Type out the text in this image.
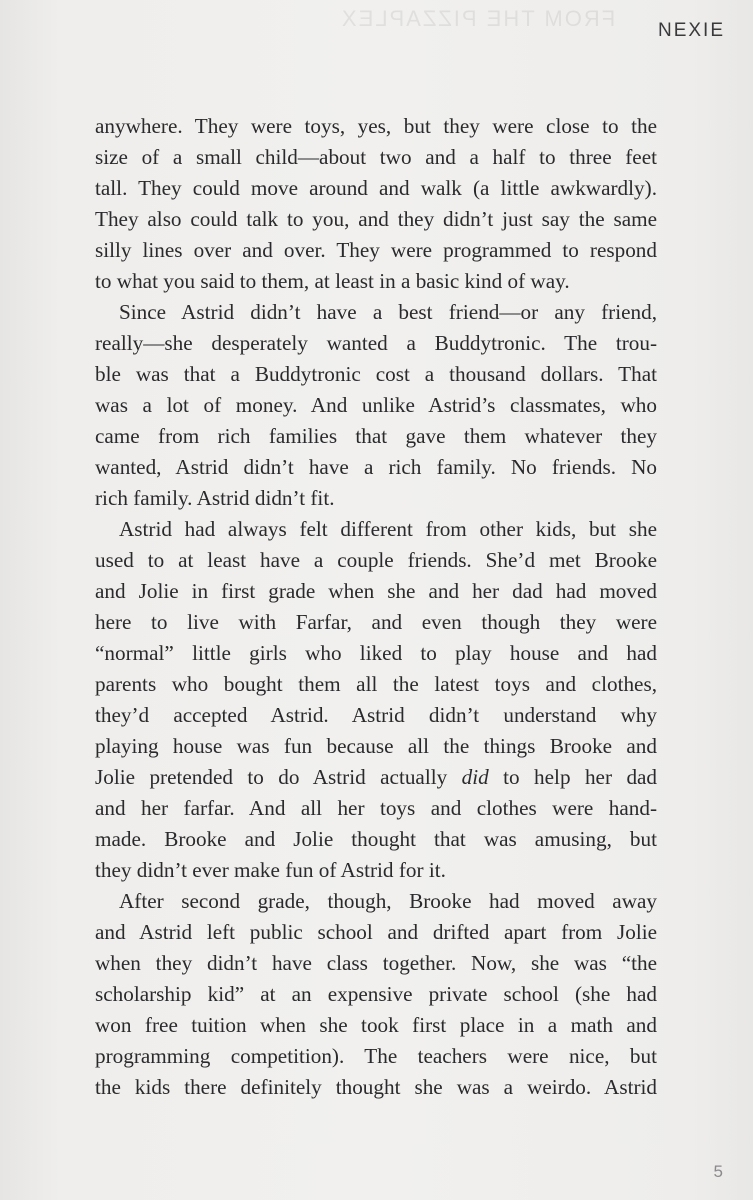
FROM THE PIZZAPLEX NEXIE
anywhere. They were toys, yes, but they were close to the
size of a small child—about two and a half to three feet
tall. They could move around and walk (a little awkwardly).
They also could talk to you, and they didn’t just say the same
silly lines over and over. They were programmed to respond
to what you said to them, at least in a basic kind of way.
Since Astrid didn’t have a best friend—or any friend,
really—she desperately wanted a Buddytronic. The trou-
ble was that a Buddytronic cost a thousand dollars. That
was a lot of money. And unlike Astrid’s classmates, who
came from rich families that gave them whatever they
wanted, Astrid didn’t have a rich family. No friends. No
rich family. Astrid didn’t fit.
Astrid had always felt different from other kids, but she
used to at least have a couple friends. She’d met Brooke
and Jolie in first grade when she and her dad had moved
here to live with Farfar, and even though they were
“normal” little girls who liked to play house and had
parents who bought them all the latest toys and clothes,
they’d accepted Astrid. Astrid didn’t understand why
playing house was fun because all the things Brooke and
Jolie pretended to do Astrid actually did to help her dad
and her farfar. And all her toys and clothes were hand-
made. Brooke and Jolie thought that was amusing, but
they didn’t ever make fun of Astrid for it.
After second grade, though, Brooke had moved away
and Astrid left public school and drifted apart from Jolie
when they didn’t have class together. Now, she was “the
scholarship kid” at an expensive private school (she had
won free tuition when she took first place in a math and
programming competition). The teachers were nice, but
the kids there definitely thought she was a weirdo. Astrid
5
